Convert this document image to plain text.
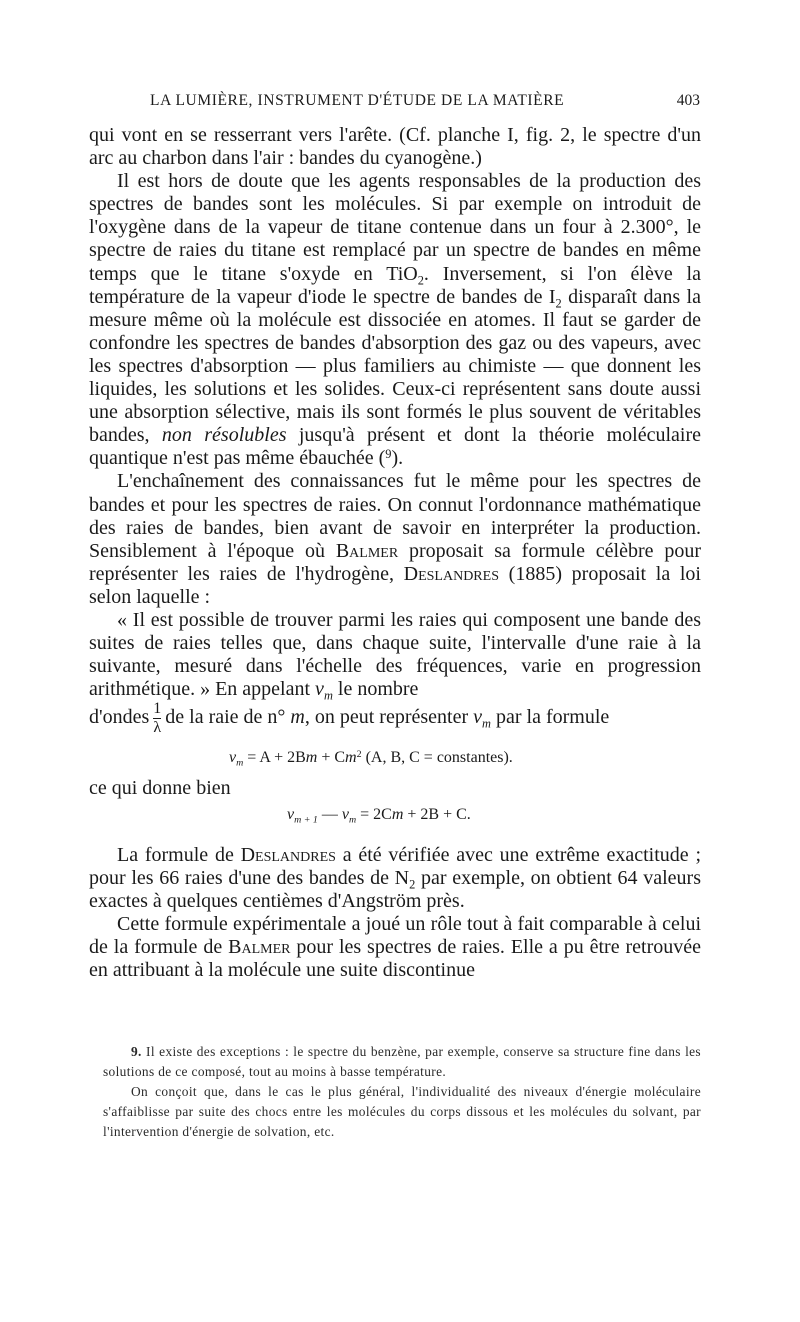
LA LUMIÈRE, INSTRUMENT D'ÉTUDE DE LA MATIÈRE	403

qui vont en se resserrant vers l'arête. (Cf. planche I, fig. 2, le spectre d'un arc au charbon dans l'air : bandes du cyanogène.)

Il est hors de doute que les agents responsables de la production des spectres de bandes sont les molécules. Si par exemple on introduit de l'oxygène dans de la vapeur de titane contenue dans un four à 2.300°, le spectre de raies du titane est remplacé par un spectre de bandes en même temps que le titane s'oxyde en TiO$_2$. Inversement, si l'on élève la température de la vapeur d'iode le spectre de bandes de $I_2$ disparaît dans la mesure même où la molécule est dissociée en atomes. Il faut se garder de confondre les spectres de bandes d'absorption des gaz ou des vapeurs, avec les spectres d'absorption — plus familiers au chimiste — que donnent les liquides, les solutions et les solides. Ceux-ci représentent sans doute aussi une absorption sélective, mais ils sont formés le plus souvent de véritables bandes, non résolubles jusqu'à présent et dont la théorie moléculaire quantique n'est pas même ébauchée ($^9$).

L'enchaînement des connaissances fut le même pour les spectres de bandes et pour les spectres de raies. On connut l'ordonnance mathématique des raies de bandes, bien avant de savoir en interpréter la production. Sensiblement à l'époque où Balmer proposait sa formule célèbre pour représenter les raies de l'hydrogène, Deslandres (1885) proposait la loi selon laquelle :

« Il est possible de trouver parmi les raies qui composent une bande des suites de raies telles que, dans chaque suite, l'intervalle d'une raie à la suivante, mesuré dans l'échelle des fréquences, varie en progression arithmétique. » En appelant $v_m$ le nombre

d'ondes $\frac{1}{\lambda}$ de la raie de n° m, on peut représenter $v_m$ par la formule

$v_m = A + 2Bm + Cm^2$ (A, B, C = constantes).

ce qui donne bien

$v_{m + 1}$ — $v_m = 2Cm + 2B + C$.

La formule de Deslandres a été vérifiée avec une extrême exactitude ; pour les 66 raies d'une des bandes de $N_2$ par exemple, on obtient 64 valeurs exactes à quelques centièmes d'Angström près.

Cette formule expérimentale a joué un rôle tout à fait comparable à celui de la formule de Balmer pour les spectres de raies. Elle a pu être retrouvée en attribuant à la molécule une suite discontinue

9. Il existe des exceptions : le spectre du benzène, par exemple, conserve sa structure fine dans les solutions de ce composé, tout au moins à basse température.

On conçoit que, dans le cas le plus général, l'individualité des niveaux d'énergie moléculaire s'affaiblisse par suite des chocs entre les molécules du corps dissous et les molécules du solvant, par l'intervention d'énergie de solvation, etc.
